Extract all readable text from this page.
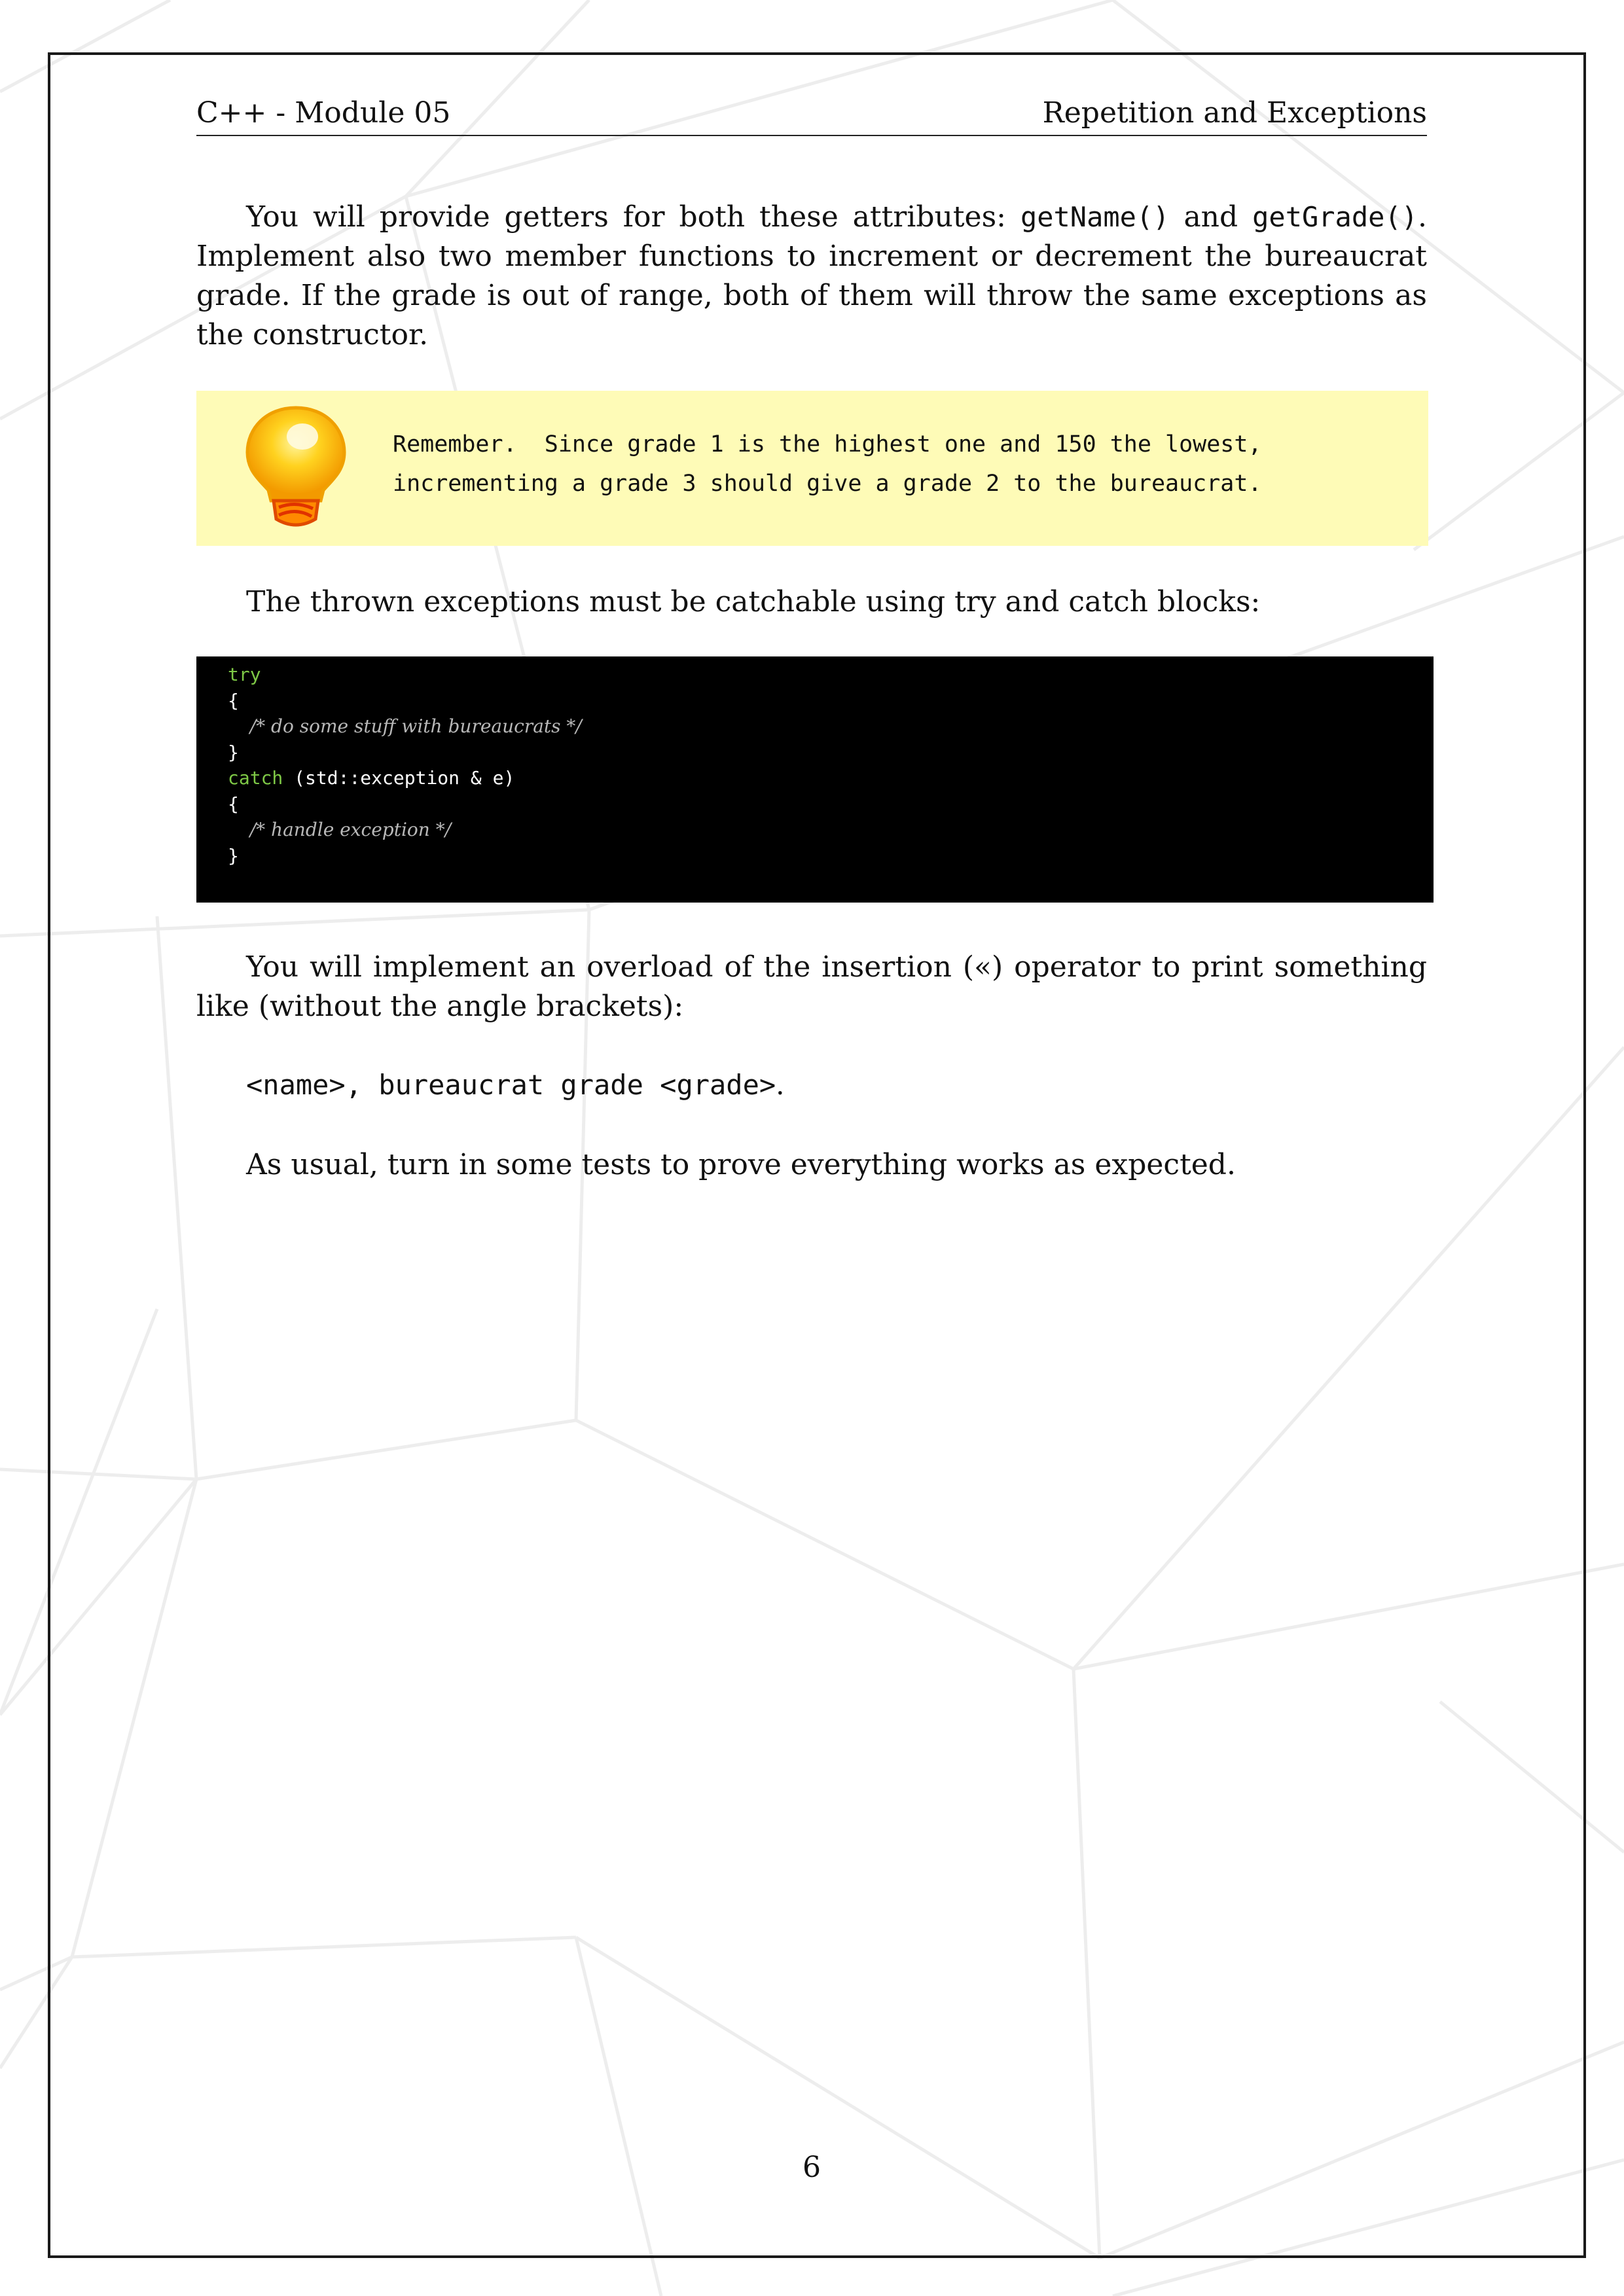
C++ - Module 05	Repetition and Exceptions
You will provide getters for both these attributes: getName() and getGrade(). Implement also two member functions to increment or decrement the bureaucrat grade. If the grade is out of range, both of them will throw the same exceptions as the constructor.
Remember.  Since grade 1 is the highest one and 150 the lowest,
incrementing a grade 3 should give a grade 2 to the bureaucrat.
The thrown exceptions must be catchable using try and catch blocks:
try
{
/* do some stuff with bureaucrats */
}
catch (std::exception & e)
{
/* handle exception */
}
You will implement an overload of the insertion («) operator to print something like (without the angle brackets):
<name>, bureaucrat grade <grade>.
As usual, turn in some tests to prove everything works as expected.
6
